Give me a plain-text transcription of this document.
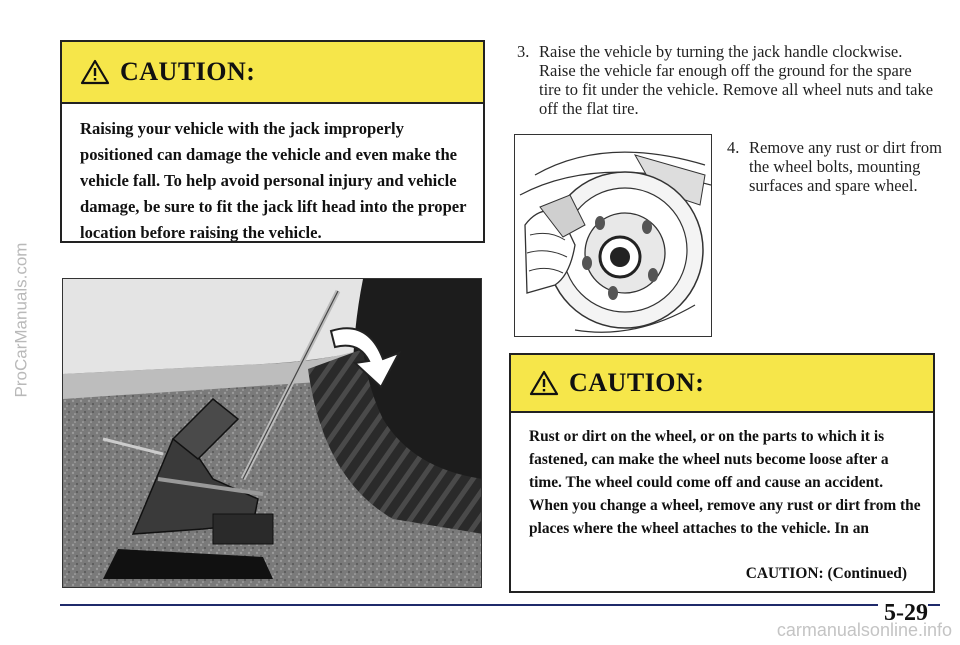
ProCarManuals.com
CAUTION:

Raising your vehicle with the jack improperly positioned can damage the vehicle and even make the vehicle fall. To help avoid personal injury and vehicle damage, be sure to fit the jack lift head into the proper location before raising the vehicle.

3. Raise the vehicle by turning the jack handle clockwise. Raise the vehicle far enough off the ground for the spare tire to fit under the vehicle. Remove all wheel nuts and take off the flat tire.
4. Remove any rust or dirt from the wheel bolts, mounting surfaces and spare wheel.
CAUTION:

Rust or dirt on the wheel, or on the parts to which it is fastened, can make the wheel nuts become loose after a time. The wheel could come off and cause an accident. When you change a wheel, remove any rust or dirt from the places where the wheel attaches to the vehicle. In an

CAUTION: (Continued)
5-29
carmanualsonline.info
